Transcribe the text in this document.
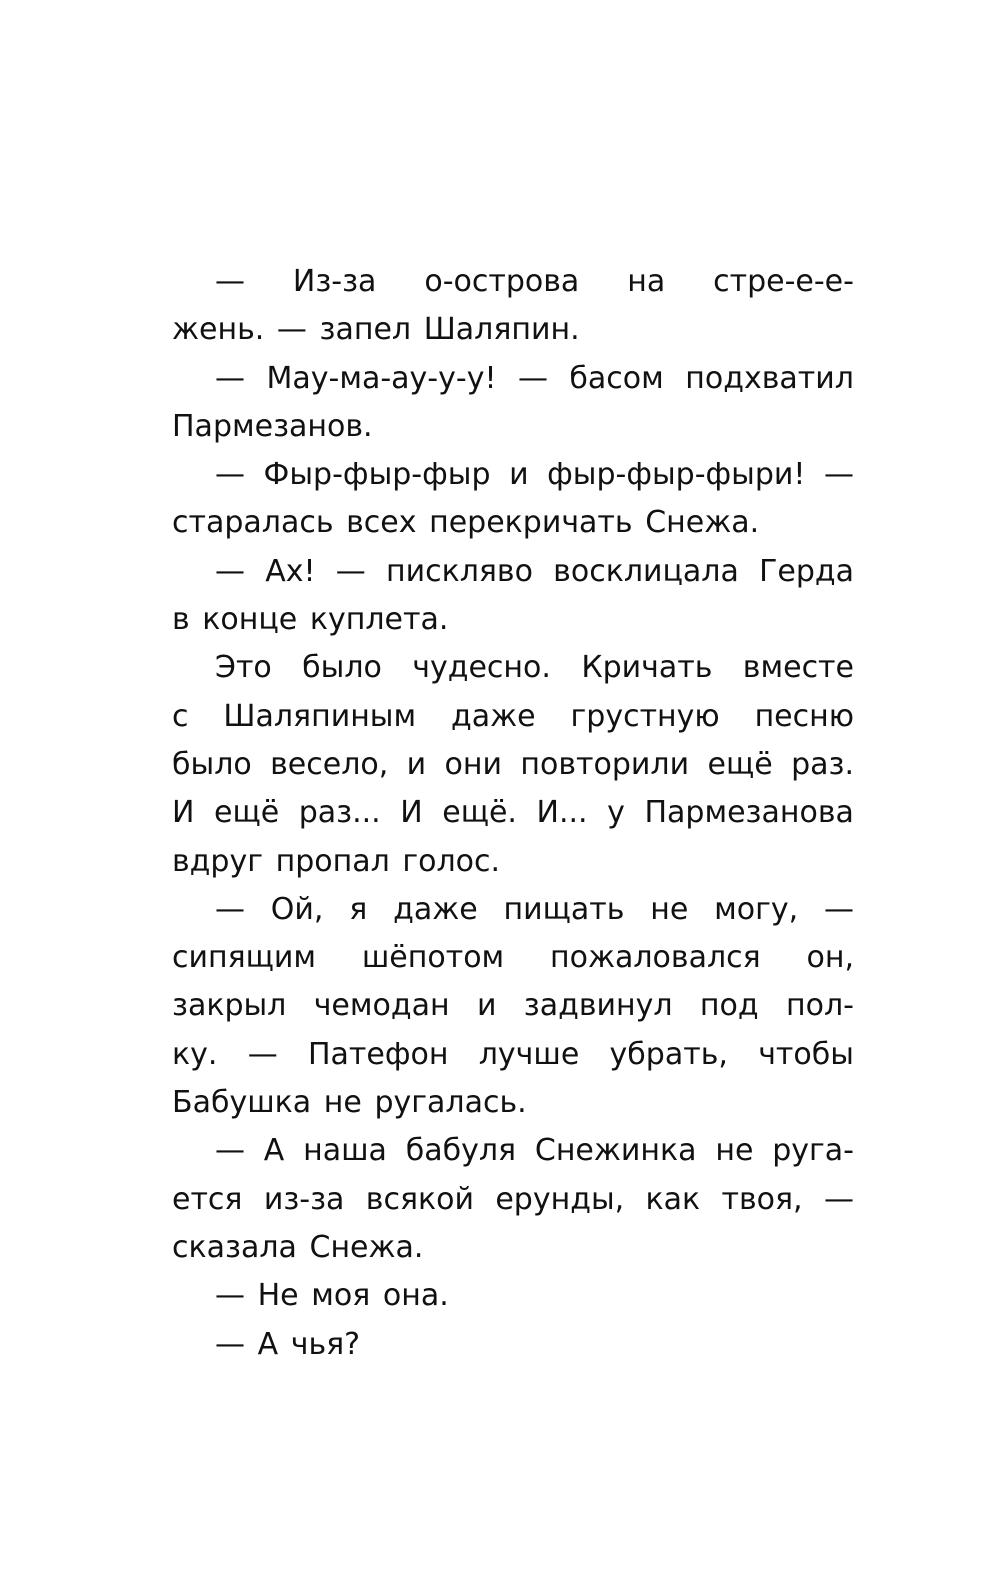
— Из-за о-острова на стре-е-е-
жень. — запел Шаляпин.
— Мау-ма-ау-у-у! — басом подхватил
Пармезанов.
— Фыр-фыр-фыр и фыр-фыр-фыри! —
старалась всех перекричать Снежа.
— Ах! — пискляво восклицала Герда
в конце куплета.
Это было чудесно. Кричать вместе
с Шаляпиным даже грустную песню
было весело, и они повторили ещё раз.
И ещё раз... И ещё. И... у Пармезанова
вдруг пропал голос.
— Ой, я даже пищать не могу, —
сипящим шёпотом пожаловался он,
закрыл чемодан и задвинул под пол-
ку. — Патефон лучше убрать, чтобы
Бабушка не ругалась.
— А наша бабуля Снежинка не руга-
ется из-за всякой ерунды, как твоя, —
сказала Снежа.
— Не моя она.
— А чья?
